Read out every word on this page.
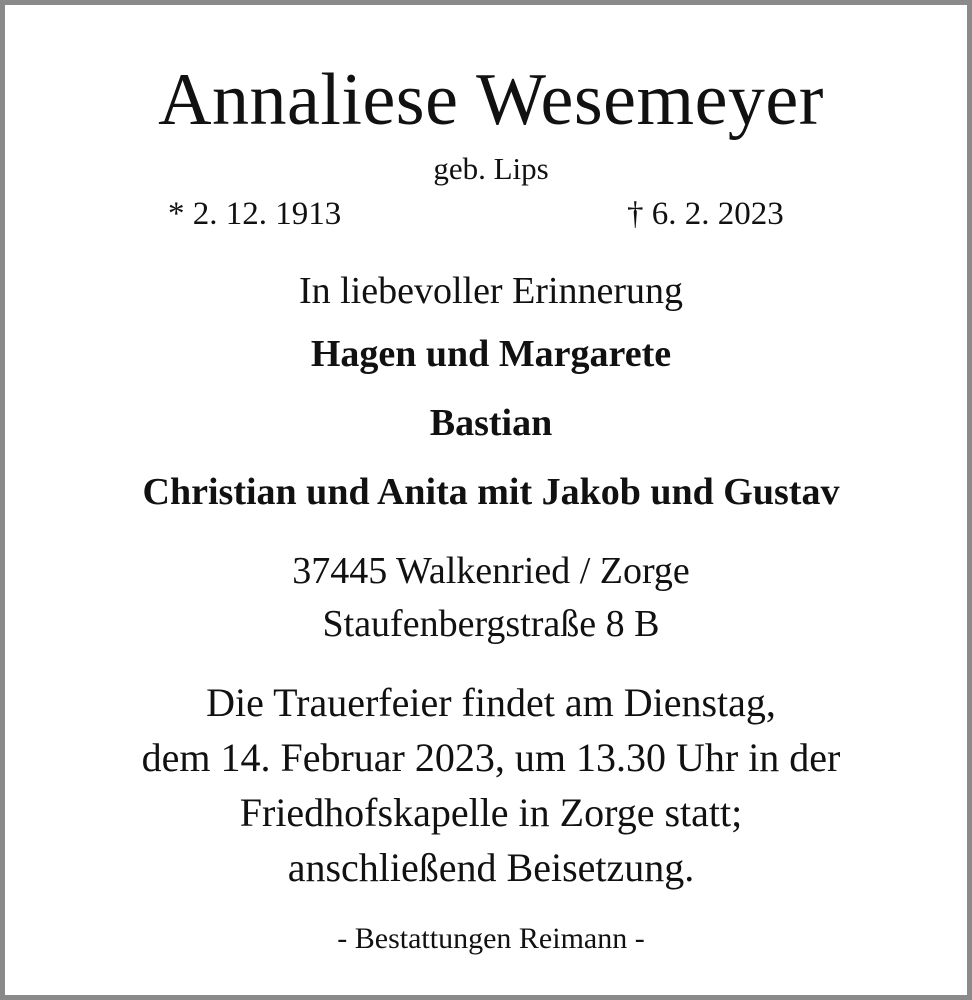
Annaliese Wesemeyer
geb. Lips
* 2. 12. 1913	† 6. 2. 2023
In liebevoller Erinnerung
Hagen und Margarete
Bastian
Christian und Anita mit Jakob und Gustav
37445 Walkenried / Zorge
Staufenbergstraße 8 B
Die Trauerfeier findet am Dienstag,
dem 14. Februar 2023, um 13.30 Uhr in der
Friedhofskapelle in Zorge statt;
anschließend Beisetzung.
- Bestattungen Reimann -
